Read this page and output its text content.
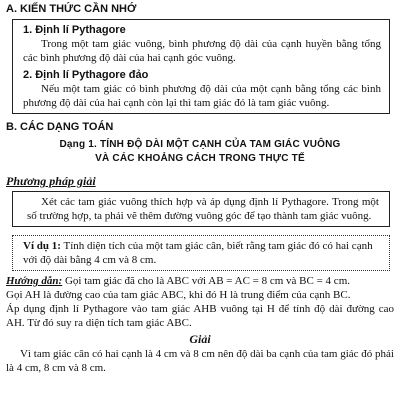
A. KIẾN THỨC CẦN NHỚ

1. Định lí Pythagore
Trong một tam giác vuông, bình phương độ dài của cạnh huyền bằng tổng các bình phương độ dài của hai cạnh góc vuông.
2. Định lí Pythagore đảo
Nếu một tam giác có bình phương độ dài của một cạnh bằng tổng các bình phương độ dài của hai cạnh còn lại thì tam giác đó là tam giác vuông.

B. CÁC DẠNG TOÁN

Dạng 1. TÍNH ĐỘ DÀI MỘT CẠNH CỦA TAM GIÁC VUÔNG
VÀ CÁC KHOẢNG CÁCH TRONG THỰC TẾ
Phương pháp giải
Xét các tam giác vuông thích hợp và áp dụng định lí Pythagore. Trong một số trường hợp, ta phải vẽ thêm đường vuông góc để tạo thành tam giác vuông.
Ví dụ 1: Tính diện tích của một tam giác cân, biết rằng tam giác đó có hai cạnh với độ dài bằng 4 cm và 8 cm.
Hướng dẫn: Gọi tam giác đã cho là ABC với AB = AC = 8 cm và BC = 4 cm.
Gọi AH là đường cao của tam giác ABC, khi đó H là trung điểm của cạnh BC.
Áp dụng định lí Pythagore vào tam giác AHB vuông tại H để tính độ dài đường cao AH. Từ đó suy ra diện tích tam giác ABC.
Giải
Vì tam giác cân có hai cạnh là 4 cm và 8 cm nên độ dài ba cạnh của tam giác đó phải là 4 cm, 8 cm và 8 cm.
